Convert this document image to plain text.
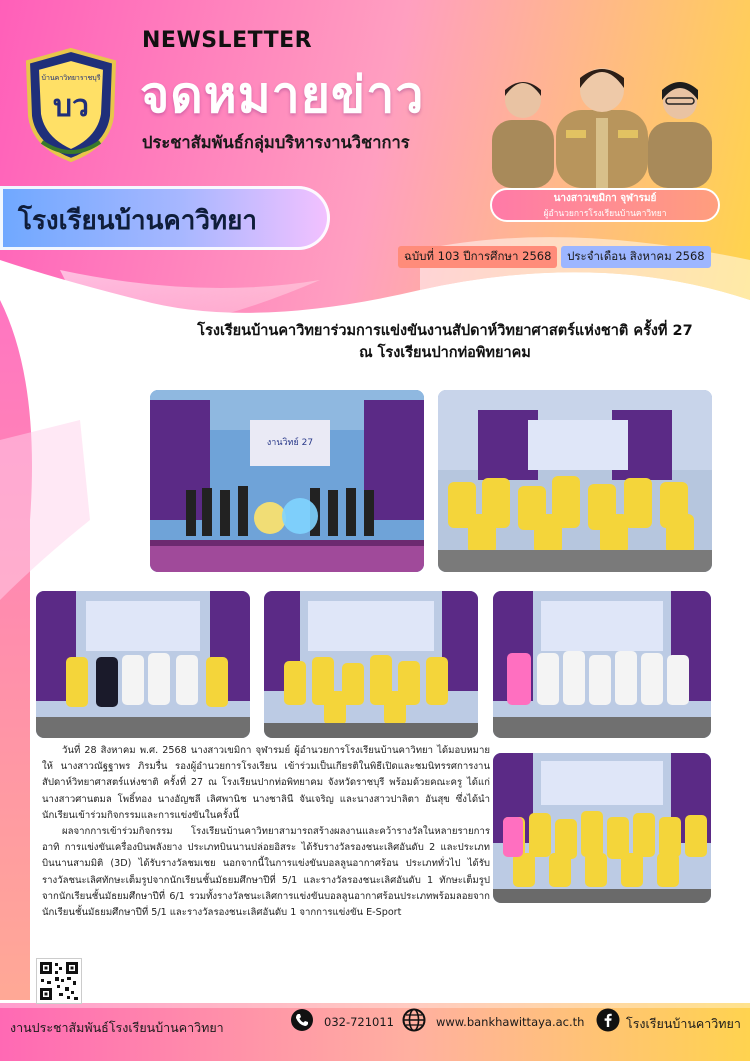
บว
บ้านคาวิทยาราชบุรี
NEWSLETTER
จดหมายข่าว
ประชาสัมพันธ์กลุ่มบริหารงานวิชาการ
โรงเรียนบ้านคาวิทยา
นางสาวเขมิกา จุฬารมย์
ผู้อำนวยการโรงเรียนบ้านคาวิทยา
ฉบับที่ 103 ปีการศึกษา 2568 ประจำเดือน สิงหาคม 2568
โรงเรียนบ้านคาวิทยาร่วมการแข่งขันงานสัปดาห์วิทยาศาสตร์แห่งชาติ ครั้งที่ 27
ณ โรงเรียนปากท่อพิทยาคม
งานวิทย์ 27

วันที่ 28 สิงหาคม พ.ศ. 2568 นางสาวเขมิกา จุฬารมย์ ผู้อำนวยการโรงเรียนบ้านคาวิทยา ได้มอบหมายให้ นางสาวณัฐฐาพร ภิรมรื่น รองผู้อำนวยการโรงเรียน เข้าร่วมเป็นเกียรติในพิธีเปิดและชมนิทรรศการงานสัปดาห์วิทยาศาสตร์แห่งชาติ ครั้งที่ 27 ณ โรงเรียนปากท่อพิทยาคม จังหวัดราชบุรี พร้อมด้วยคณะครู ได้แก่ นางสาวศานตมล โพธิ์ทอง นางอัญชลี เลิศพานิช นางชาลินี จันเจริญ และนางสาวปาลิตา อันสุข ซึ่งได้นำนักเรียนเข้าร่วมกิจกรรมและการแข่งขันในครั้งนี้

ผลจากการเข้าร่วมกิจกรรม โรงเรียนบ้านคาวิทยาสามารถสร้างผลงานและคว้ารางวัลในหลายรายการ อาทิ การแข่งขันเครื่องบินพลังยาง ประเภทบินนานปล่อยอิสระ ได้รับรางวัลรองชนะเลิศอันดับ 2 และประเภทบินนานสามมิติ (3D) ได้รับรางวัลชมเชย นอกจากนี้ในการแข่งขันบอลลูนอากาศร้อน ประเภททั่วไป ได้รับรางวัลชนะเลิศทักษะเต็มรูปจากนักเรียนชั้นมัธยมศึกษาปีที่ 5/1 และรางวัลรองชนะเลิศอันดับ 1 ทักษะเต็มรูปจากนักเรียนชั้นมัธยมศึกษาปีที่ 6/1 รวมทั้งรางวัลชนะเลิศการแข่งขันบอลลูนอากาศร้อนประเภทพร้อมลอยจากนักเรียนชั้นมัธยมศึกษาปีที่ 5/1 และรางวัลรองชนะเลิศอันดับ 1 จากการแข่งขัน E-Sport

งานประชาสัมพันธ์โรงเรียนบ้านคาวิทยา	032-721011	www.bankhawittaya.ac.th	โรงเรียนบ้านคาวิทยา
